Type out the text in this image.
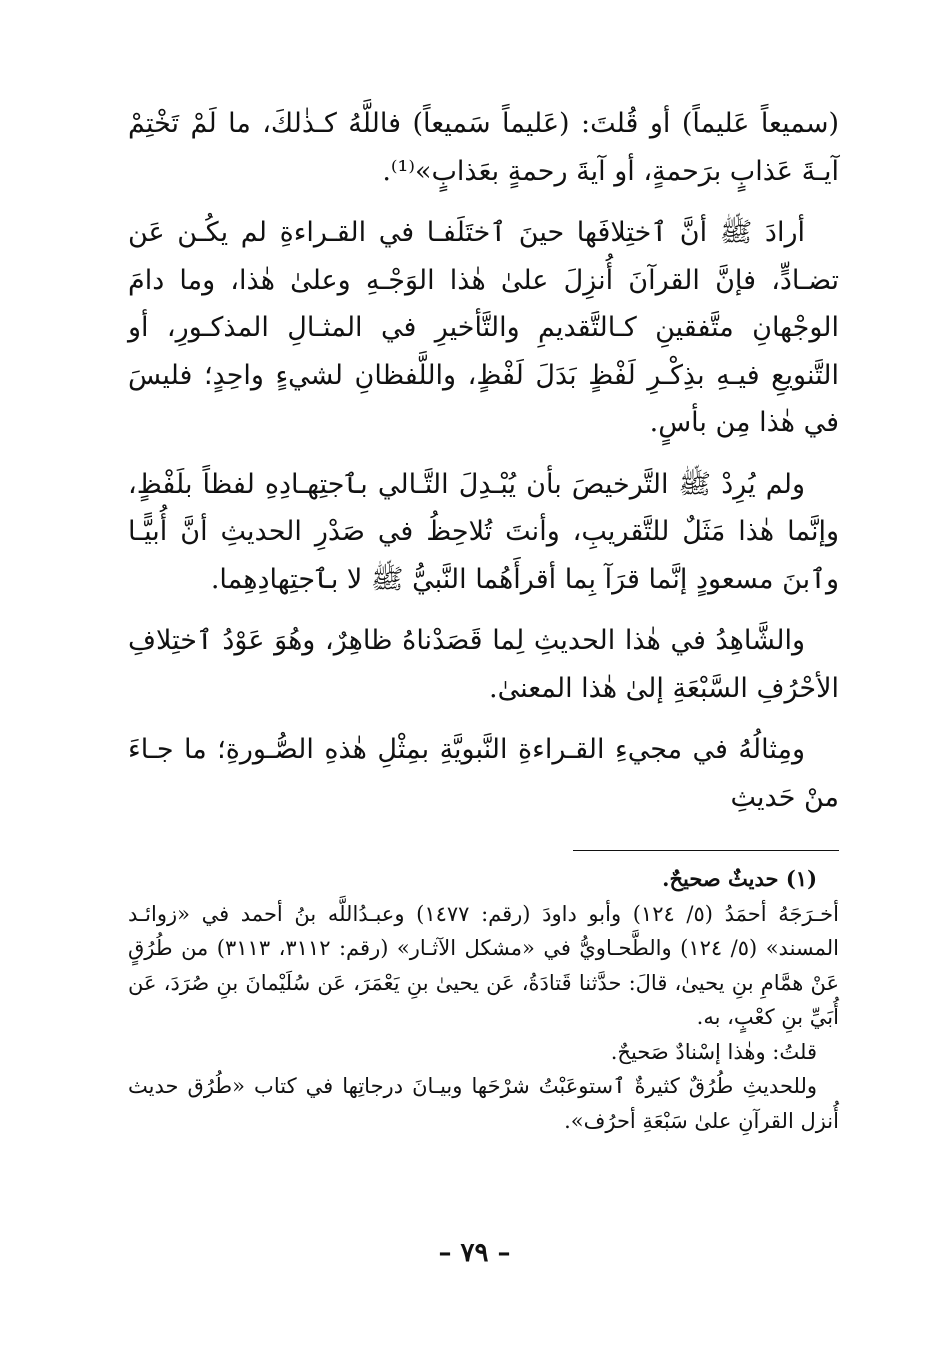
(سميعاً عَليماً) أو قُلتَ: (عَليماً سَميعاً) فاللَّهُ كـذٰلكَ، ما لَمْ تَخْتِمْ آيـةَ عَذابٍ برَحمةٍ، أو آيةَ رحمةٍ بعَذابٍ»⁽¹⁾.

أرادَ ﷺ أنَّ ٱختِلافَها حينَ ٱختَلَفـا في القـراءةِ لم يكُـن عَن تضـادٍّ، فإنَّ القرآنَ أُنزِلَ علىٰ هٰذا الوَجْـهِ وعلىٰ هٰذا، وما دامَ الوجْهانِ متَّفقينِ كـالتَّقديمِ والتَّأخيرِ في المثـالِ المذكـورِ، أو التَّنويعِ فيـهِ بذِكْـرِ لَفْظٍ بَدَلَ لَفْظٍ، واللَّفظانِ لشيءٍ واحِدٍ؛ فليسَ في هٰذا مِن بأسٍ.

ولم يُرِدْ ﷺ التَّرخيصَ بأن يُبْـدِلَ التَّـالي بٱجتِهـادِهِ لفظاً بلَفْظٍ، وإنَّما هٰذا مَثَلٌ للتَّقريبِ، وأنتَ تُلاحِظُ في صَدْرِ الحديثِ أنَّ أُبيًّـا وٱبنَ مسعودٍ إنَّما قرَآ بِما أقرأَهُما النَّبيُّ ﷺ لا بٱجتِهادِهِما.

والشَّاهِدُ في هٰذا الحديثِ لِما قَصَدْناهُ ظاهِرٌ، وهُوَ عَوْدُ ٱختِلافِ الأحْرُفِ السَّبْعَةِ إلىٰ هٰذا المعنىٰ.

ومِثالُهُ في مجيءِ القـراءةِ النَّبويَّةِ بمِثْلِ هٰذهِ الصُّـورةِ؛ ما جـاءَ منْ حَديثِ

(١) حديثٌ صحيحٌ.

أخـرَجَهُ أحمَدُ (٥/ ١٢٤) وأبو داودَ (رقم: ١٤٧٧) وعبـدُاللَّه بنُ أحمد في «زوائـد المسند» (٥/ ١٢٤) والطَّحـاويُّ في «مشكل الآثـار» (رقم: ٣١١٢، ٣١١٣) من طُرُقٍ عَنْ همَّامِ بنِ يحيىٰ، قالَ: حدَّثنا قَتادَةُ، عَن يحيىٰ بنِ يَعْمَرَ، عَن سُلَيْمانَ بنِ صُرَدَ، عَن أُبَيِّ بنِ كعْبٍ، به.

قلتُ: وهٰذا إسْنادٌ صَحيحٌ.

وللحديثِ طُرُقٌ كثيرةٌ ٱستوعَبْتُ شرْحَها وبيـانَ درجاتِها في كتاب «طُرُق حديث أُنزل القرآنِ علىٰ سَبْعَةِ أحرُف».

– ٧٩ –
